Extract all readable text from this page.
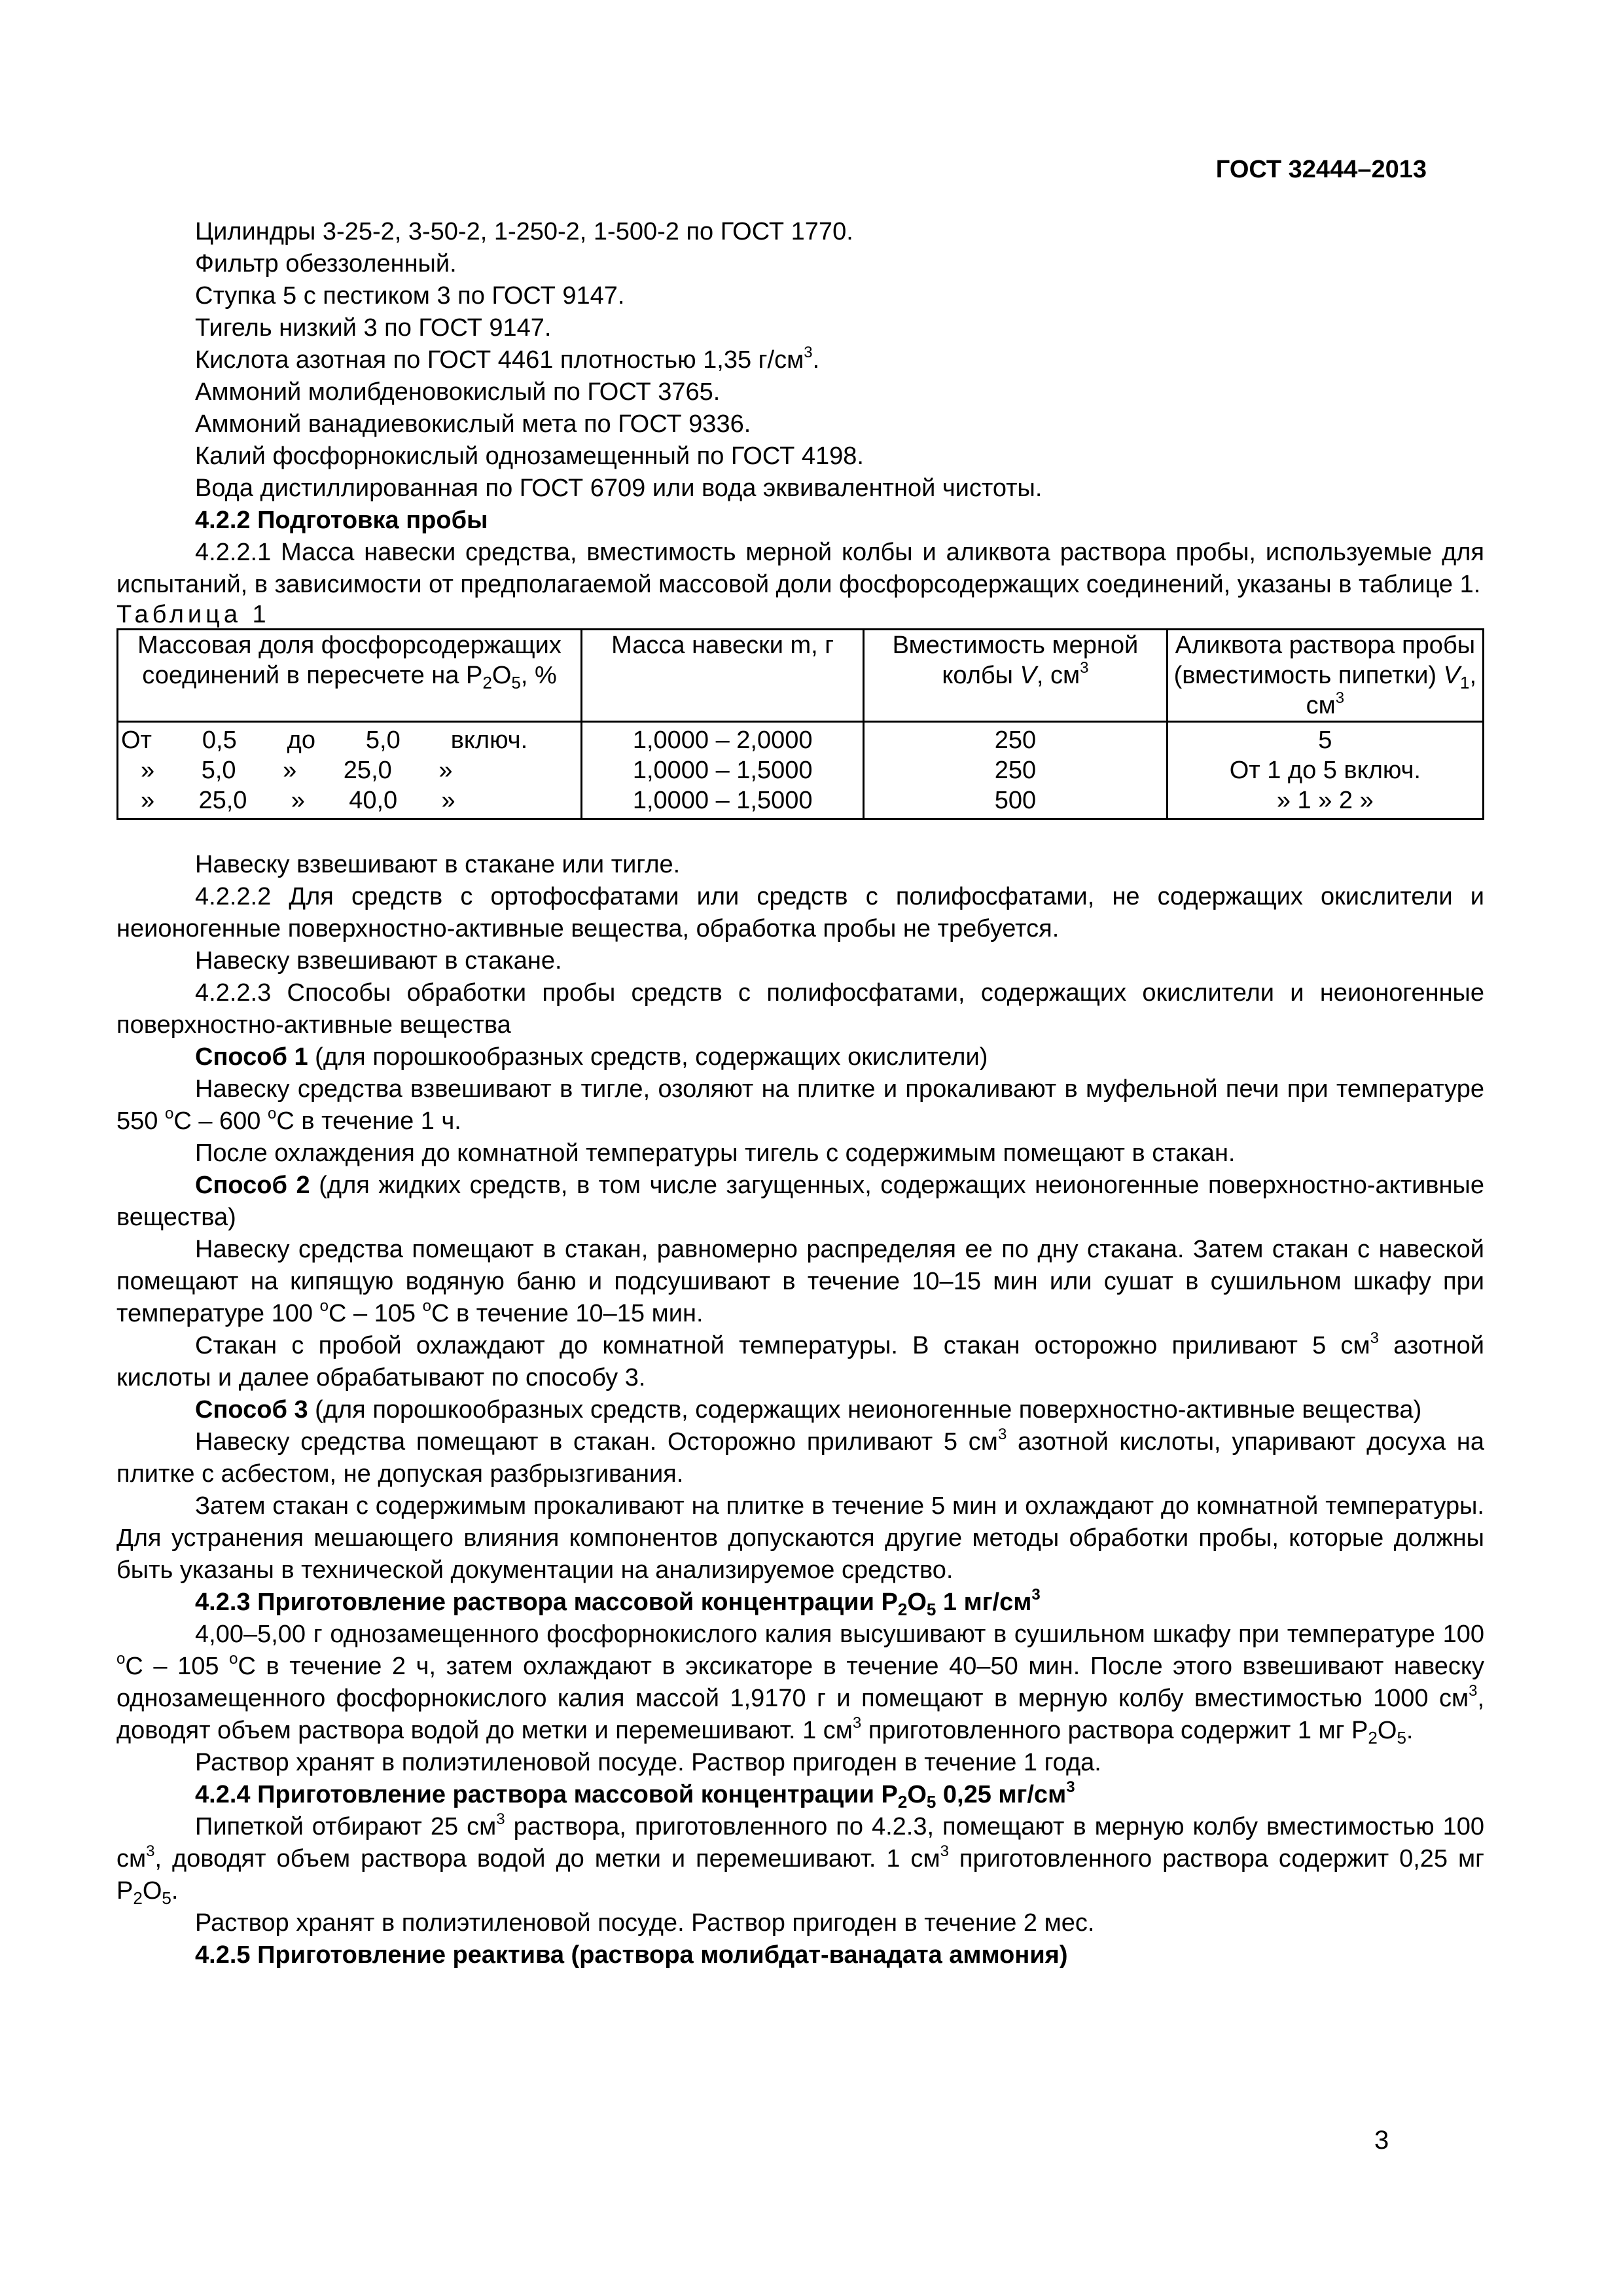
ГОСТ 32444–2013

Цилиндры 3-25-2, 3-50-2, 1-250-2, 1-500-2 по ГОСТ 1770.

Фильтр обеззоленный.

Ступка 5 с пестиком 3 по ГОСТ 9147.

Тигель низкий 3 по ГОСТ 9147.

Кислота азотная по ГОСТ 4461 плотностью 1,35 $г/см^3$.

Аммоний молибденовокислый по ГОСТ 3765.

Аммоний ванадиевокислый мета по ГОСТ 9336.

Калий фосфорнокислый однозамещенный по ГОСТ 4198.

Вода дистиллированная по ГОСТ 6709 или вода эквивалентной чистоты.

4.2.2 Подготовка пробы

4.2.2.1 Масса навески средства, вместимость мерной колбы и аликвота раствора пробы, используемые для испытаний, в зависимости от предполагаемой массовой доли фосфорсодержащих соединений, указаны в таблице 1.

Таблица 1

Массовая доля фосфорсодержащих соединений в пересчете на $P_2O_5$, %	Масса навески m, г	Вместимость мерной колбы V, $см^3$	Аликвота раствора пробы (вместимость пипетки) $V_1$, $см^3$

От 0,5 до 5,0 включ.	1,0000 – 2,0000	250	5

» 5,0 » 25,0 »	1,0000 – 1,5000	250	От 1 до 5 включ.

» 25,0 » 40,0 »	1,0000 – 1,5000	500	» 1 » 2 »

Навеску взвешивают в стакане или тигле.

4.2.2.2 Для средств с ортофосфатами или средств с полифосфатами, не содержащих окислители и неионогенные поверхностно-активные вещества, обработка пробы не требуется.

Навеску взвешивают в стакане.

4.2.2.3 Способы обработки пробы средств с полифосфатами, содержащих окислители и неионогенные поверхностно-активные вещества

Способ 1 (для порошкообразных средств, содержащих окислители)

Навеску средства взвешивают в тигле, озоляют на плитке и прокаливают в муфельной печи при температуре 550 $^o$С – 600 $^o$С в течение 1 ч.

После охлаждения до комнатной температуры тигель с содержимым помещают в стакан.

Способ 2 (для жидких средств, в том числе загущенных, содержащих неионогенные поверхностно-активные вещества)

Навеску средства помещают в стакан, равномерно распределяя ее по дну стакана. Затем стакан с навеской помещают на кипящую водяную баню и подсушивают в течение 10–15 мин или сушат в сушильном шкафу при температуре 100 $^o$С – 105 $^o$С в течение 10–15 мин.

Стакан с пробой охлаждают до комнатной температуры. В стакан осторожно приливают 5 $см^3$ азотной кислоты и далее обрабатывают по способу 3.

Способ 3 (для порошкообразных средств, содержащих неионогенные поверхностно-активные вещества)

Навеску средства помещают в стакан. Осторожно приливают 5 $см^3$ азотной кислоты, упаривают досуха на плитке с асбестом, не допуская разбрызгивания.

Затем стакан с содержимым прокаливают на плитке в течение 5 мин и охлаждают до комнатной температуры. Для устранения мешающего влияния компонентов допускаются другие методы обработки пробы, которые должны быть указаны в технической документации на анализируемое средство.

4.2.3 Приготовление раствора массовой концентрации $P_2O_5$ 1 $мг/см^3$

4,00–5,00 г однозамещенного фосфорнокислого калия высушивают в сушильном шкафу при температуре 100 $^o$С – 105 $^o$С в течение 2 ч, затем охлаждают в эксикаторе в течение 40–50 мин. После этого взвешивают навеску однозамещенного фосфорнокислого калия массой 1,9170 г и помещают в мерную колбу вместимостью 1000 $см^3$, доводят объем раствора водой до метки и перемешивают. 1 $см^3$ приготовленного раствора содержит 1 мг $P_2O_5$.

Раствор хранят в полиэтиленовой посуде. Раствор пригоден в течение 1 года.

4.2.4 Приготовление раствора массовой концентрации $P_2O_5$ 0,25 $мг/см^3$

Пипеткой отбирают 25 $см^3$ раствора, приготовленного по 4.2.3, помещают в мерную колбу вместимостью 100 $см^3$, доводят объем раствора водой до метки и перемешивают. 1 $см^3$ приготовленного раствора содержит 0,25 мг $P_2O_5$.

Раствор хранят в полиэтиленовой посуде. Раствор пригоден в течение 2 мес.

4.2.5 Приготовление реактива (раствора молибдат-ванадата аммония)

3
